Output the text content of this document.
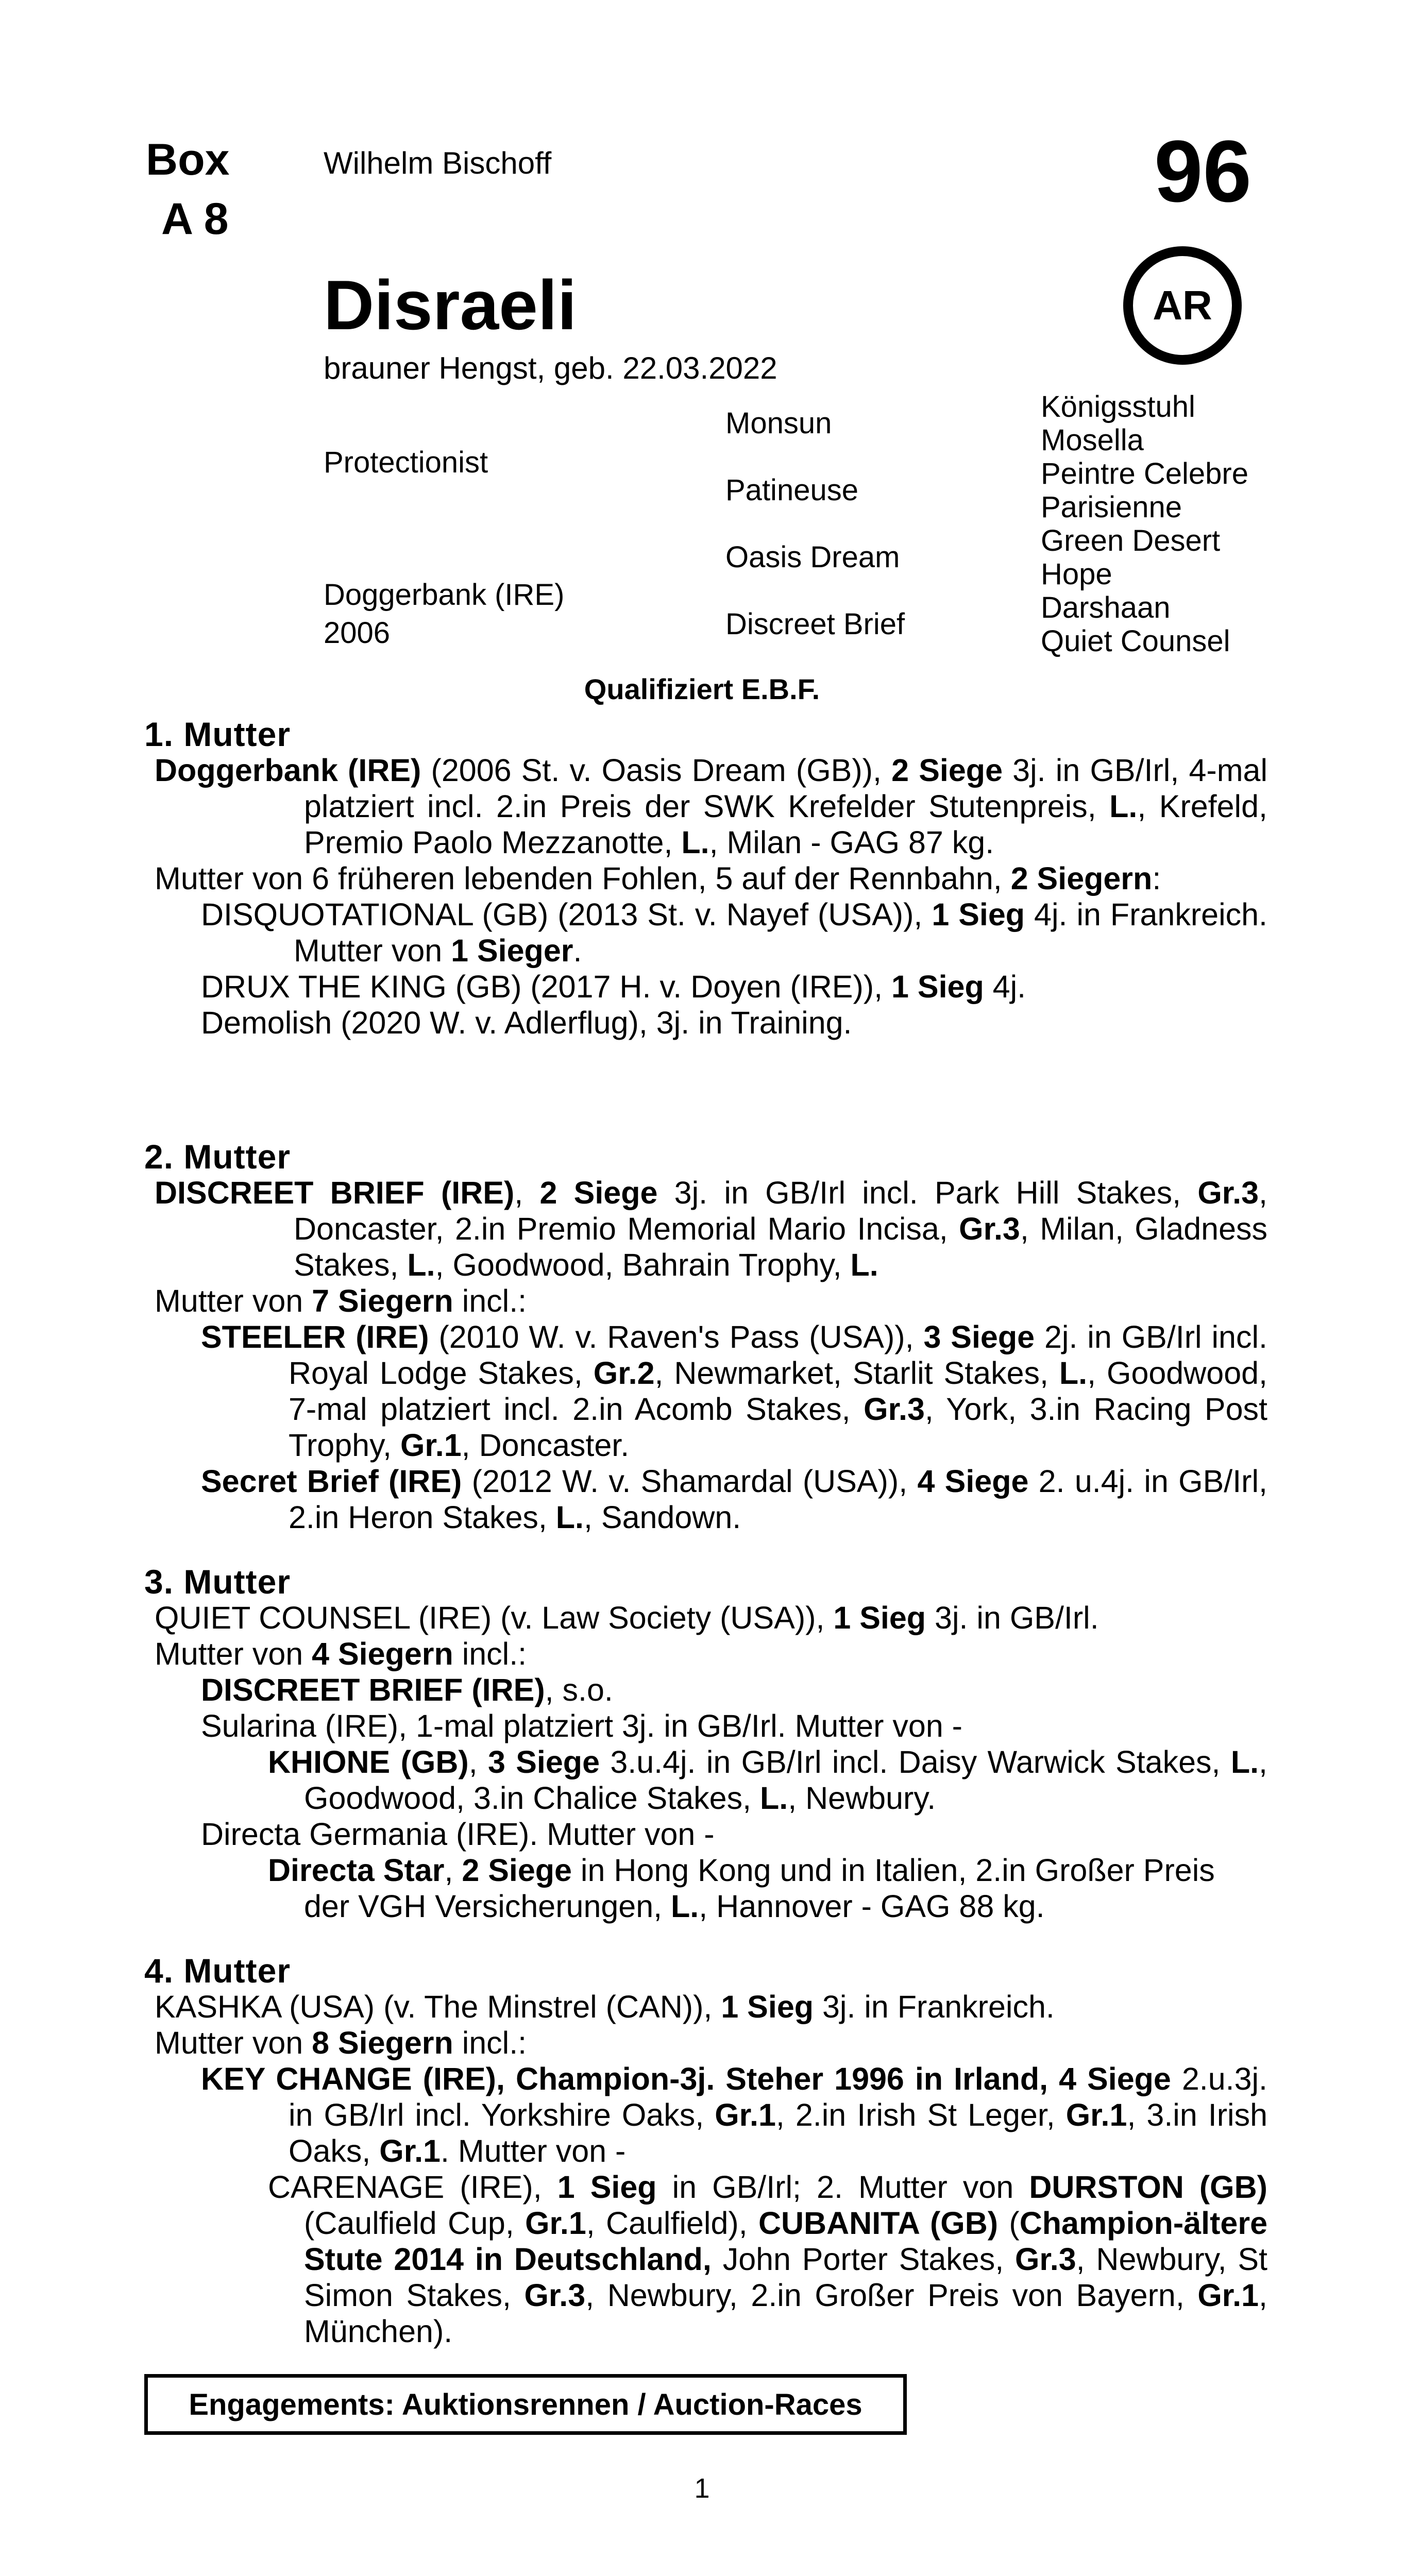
Box
A 8
Wilhelm Bischoff	96
Disraeli
brauner Hengst, geb. 22.03.2022
AR
Protectionist
Doggerbank (IRE)
2006
Monsun
Patineuse
Oasis Dream
Discreet Brief
Königsstuhl
Mosella
Peintre Celebre
Parisienne
Green Desert
Hope
Darshaan
Quiet Counsel
Qualifiziert E.B.F.

1. Mutter

Doggerbank (IRE) (2006 St. v. Oasis Dream (GB)), 2 Siege 3j. in GB/Irl, 4-mal platziert incl. 2.in Preis der SWK Krefelder Stutenpreis, L., Krefeld, Premio Paolo Mezzanotte, L., Milan - GAG 87 kg.

Mutter von 6 früheren lebenden Fohlen, 5 auf der Rennbahn, 2 Siegern:

DISQUOTATIONAL (GB) (2013 St. v. Nayef (USA)), 1 Sieg 4j. in Frankreich. Mutter von 1 Sieger.

DRUX THE KING (GB) (2017 H. v. Doyen (IRE)), 1 Sieg 4j.

Demolish (2020 W. v. Adlerflug), 3j. in Training.

2. Mutter

DISCREET BRIEF (IRE), 2 Siege 3j. in GB/Irl incl. Park Hill Stakes, Gr.3, Doncaster, 2.in Premio Memorial Mario Incisa, Gr.3, Milan, Gladness Stakes, L., Goodwood, Bahrain Trophy, L.

Mutter von 7 Siegern incl.:

STEELER (IRE) (2010 W. v. Raven's Pass (USA)), 3 Siege 2j. in GB/Irl incl. Royal Lodge Stakes, Gr.2, Newmarket, Starlit Stakes, L., Goodwood, 7-mal platziert incl. 2.in Acomb Stakes, Gr.3, York, 3.in Racing Post Trophy, Gr.1, Doncaster.

Secret Brief (IRE) (2012 W. v. Shamardal (USA)), 4 Siege 2. u.4j. in GB/Irl, 2.in Heron Stakes, L., Sandown.

3. Mutter

QUIET COUNSEL (IRE) (v. Law Society (USA)), 1 Sieg 3j. in GB/Irl.

Mutter von 4 Siegern incl.:

DISCREET BRIEF (IRE), s.o.

Sularina (IRE), 1-mal platziert 3j. in GB/Irl. Mutter von -

KHIONE (GB), 3 Siege 3.u.4j. in GB/Irl incl. Daisy Warwick Stakes, L., Goodwood, 3.in Chalice Stakes, L., Newbury.

Directa Germania (IRE). Mutter von -

Directa Star, 2 Siege in Hong Kong und in Italien, 2.in Großer Preis der VGH Versicherungen, L., Hannover - GAG 88 kg.

4. Mutter

KASHKA (USA) (v. The Minstrel (CAN)), 1 Sieg 3j. in Frankreich.

Mutter von 8 Siegern incl.:

KEY CHANGE (IRE), Champion-3j. Steher 1996 in Irland, 4 Siege 2.u.3j. in GB/Irl incl. Yorkshire Oaks, Gr.1, 2.in Irish St Leger, Gr.1, 3.in Irish Oaks, Gr.1. Mutter von -

CARENAGE (IRE), 1 Sieg in GB/Irl; 2. Mutter von DURSTON (GB) (Caulfield Cup, Gr.1, Caulfield), CUBANITA (GB) (Champion-ältere Stute 2014 in Deutschland, John Porter Stakes, Gr.3, Newbury, St Simon Stakes, Gr.3, Newbury, 2.in Großer Preis von Bayern, Gr.1, München).

Engagements: Auktionsrennen / Auction-Races
1
